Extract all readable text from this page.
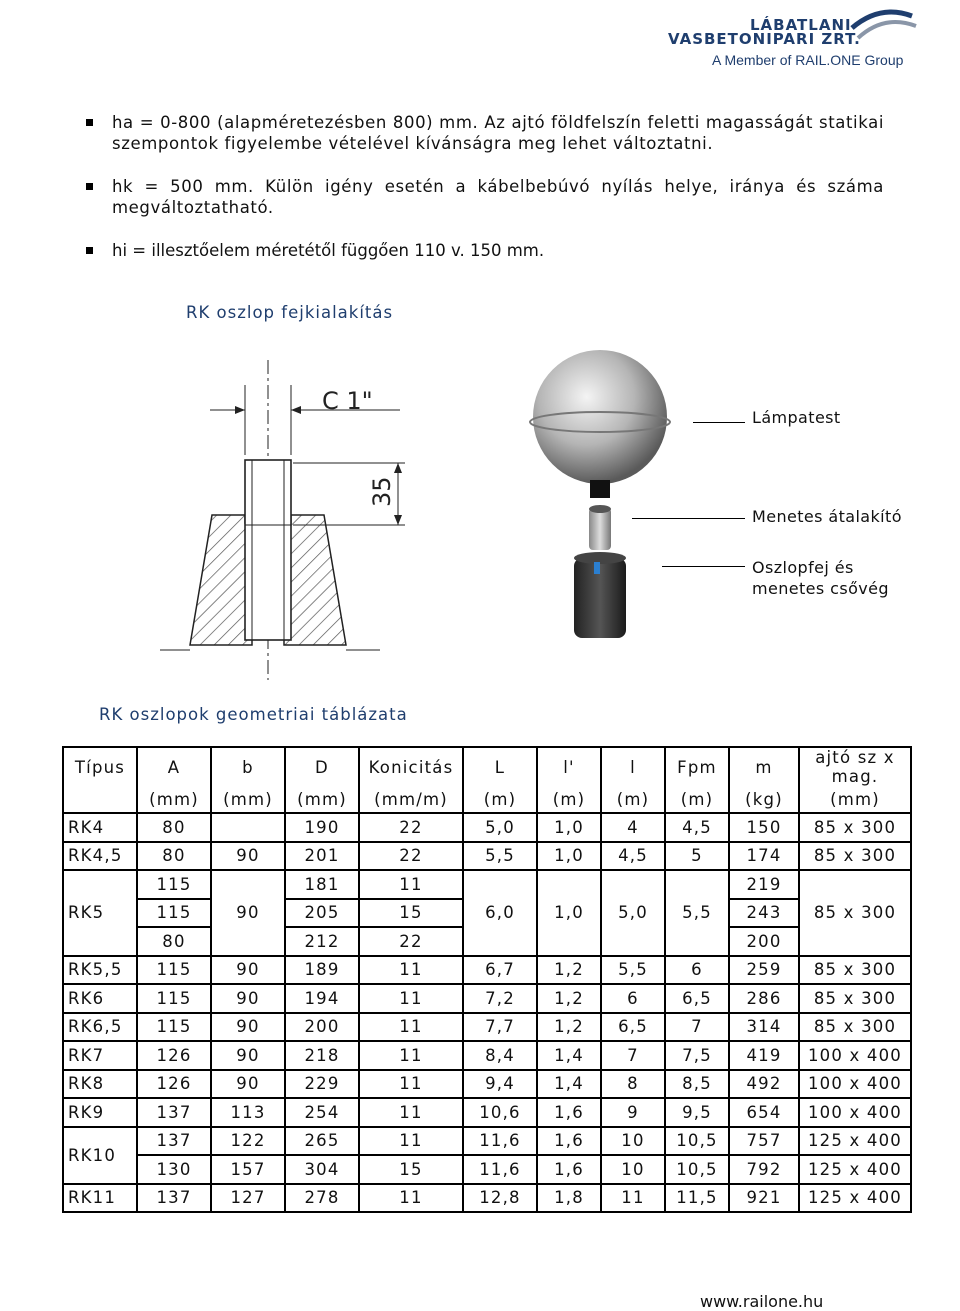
LÁBATLANI
VASBETONIPARI ZRT.
A Member of RAIL.ONE Group
ha = 0-800 (alapméretezésben 800) mm. Az ajtó földfelszín feletti magasságát statikai szempontok figyelembe vételével kívánságra meg lehet változtatni.
hk = 500 mm. Külön igény esetén a kábelbebúvó nyílás helye, iránya és száma megváltoztatható.
hi = illesztőelem méretétől függően 110 v. 150 mm.
RK oszlop fejkialakítás
C 1"
35
Lámpatest
Menetes átalakító
Oszlopfej és
menetes csővég
RK oszlopok geometriai táblázata
Típus	A	b	D	Konicitás	L	l'	l	Fpm	m	ajtó sz x mag.
	(mm)	(mm)	(mm)	(mm/m)	(m)	(m)	(m)	(m)	(kg)	(mm)
RK4	80		190	22	5,0	1,0	4	4,5	150	85 x 300
RK4,5	80	90	201	22	5,5	1,0	4,5	5	174	85 x 300
RK5	115	90	181	11	6,0	1,0	5,0	5,5	219	85 x 300
	115		205	15					243	
	80		212	22					200	
RK5,5	115	90	189	11	6,7	1,2	5,5	6	259	85 x 300
RK6	115	90	194	11	7,2	1,2	6	6,5	286	85 x 300
RK6,5	115	90	200	11	7,7	1,2	6,5	7	314	85 x 300
RK7	126	90	218	11	8,4	1,4	7	7,5	419	100 x 400
RK8	126	90	229	11	9,4	1,4	8	8,5	492	100 x 400
RK9	137	113	254	11	10,6	1,6	9	9,5	654	100 x 400
RK10	137	122	265	11	11,6	1,6	10	10,5	757	125 x 400
	130	157	304	15	11,6	1,6	10	10,5	792	125 x 400
RK11	137	127	278	11	12,8	1,8	11	11,5	921	125 x 400
www.railone.hu
